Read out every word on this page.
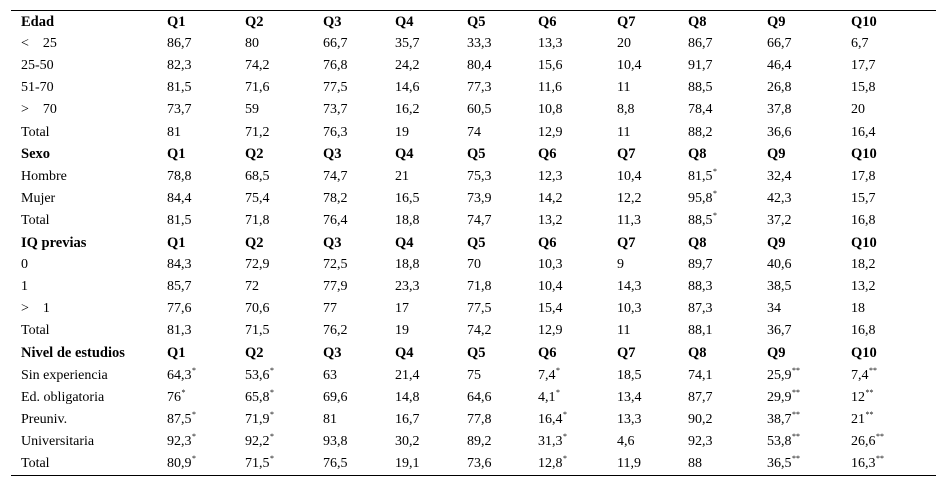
Edad	Q1	Q2	Q3	Q4	Q5	Q6	Q7	Q8	Q9	Q10
<    25	86,7	80	66,7	35,7	33,3	13,3	20	86,7	66,7	6,7
25-50	82,3	74,2	76,8	24,2	80,4	15,6	10,4	91,7	46,4	17,7
51-70	81,5	71,6	77,5	14,6	77,3	11,6	11	88,5	26,8	15,8
>    70	73,7	59	73,7	16,2	60,5	10,8	8,8	78,4	37,8	20
Total	81	71,2	76,3	19	74	12,9	11	88,2	36,6	16,4
Sexo	Q1	Q2	Q3	Q4	Q5	Q6	Q7	Q8	Q9	Q10
Hombre	78,8	68,5	74,7	21	75,3	12,3	10,4	81,5*	32,4	17,8
Mujer	84,4	75,4	78,2	16,5	73,9	14,2	12,2	95,8*	42,3	15,7
Total	81,5	71,8	76,4	18,8	74,7	13,2	11,3	88,5*	37,2	16,8
IQ previas	Q1	Q2	Q3	Q4	Q5	Q6	Q7	Q8	Q9	Q10
0	84,3	72,9	72,5	18,8	70	10,3	9	89,7	40,6	18,2
1	85,7	72	77,9	23,3	71,8	10,4	14,3	88,3	38,5	13,2
>    1	77,6	70,6	77	17	77,5	15,4	10,3	87,3	34	18
Total	81,3	71,5	76,2	19	74,2	12,9	11	88,1	36,7	16,8
Nivel de estudios	Q1	Q2	Q3	Q4	Q5	Q6	Q7	Q8	Q9	Q10
Sin experiencia	64,3*	53,6*	63	21,4	75	7,4*	18,5	74,1	25,9**	7,4**
Ed. obligatoria	76*	65,8*	69,6	14,8	64,6	4,1*	13,4	87,7	29,9**	12**
Preuniv.	87,5*	71,9*	81	16,7	77,8	16,4*	13,3	90,2	38,7**	21**
Universitaria	92,3*	92,2*	93,8	30,2	89,2	31,3*	4,6	92,3	53,8**	26,6**
Total	80,9*	71,5*	76,5	19,1	73,6	12,8*	11,9	88	36,5**	16,3**
